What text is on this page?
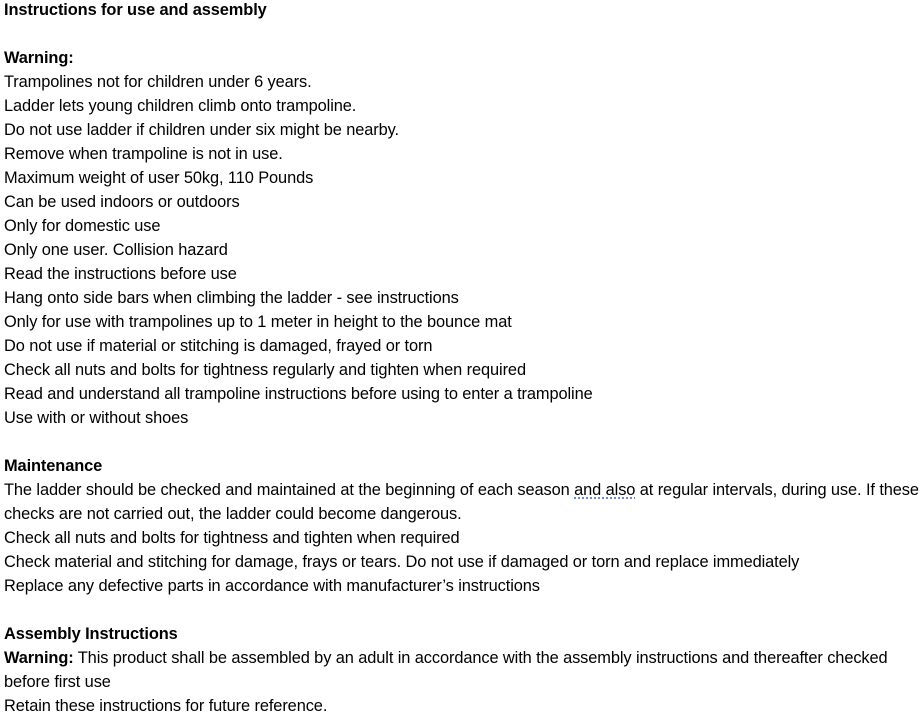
Instructions for use and assembly
Warning:
Trampolines not for children under 6 years.
Ladder lets young children climb onto trampoline.
Do not use ladder if children under six might be nearby.
Remove when trampoline is not in use.
Maximum weight of user 50kg, 110 Pounds
Can be used indoors or outdoors
Only for domestic use
Only one user. Collision hazard
Read the instructions before use
Hang onto side bars when climbing the ladder - see instructions
Only for use with trampolines up to 1 meter in height to the bounce mat
Do not use if material or stitching is damaged, frayed or torn
Check all nuts and bolts for tightness regularly and tighten when required
Read and understand all trampoline instructions before using to enter a trampoline
Use with or without shoes
Maintenance

The ladder should be checked and maintained at the beginning of each season and also at regular intervals, during use. If these checks are not carried out, the ladder could become dangerous.

Check all nuts and bolts for tightness and tighten when required
Check material and stitching for damage, frays or tears. Do not use if damaged or torn and replace immediately
Replace any defective parts in accordance with manufacturer’s instructions
Assembly Instructions

Warning: This product shall be assembled by an adult in accordance with the assembly instructions and thereafter checked before first use

Retain these instructions for future reference.
